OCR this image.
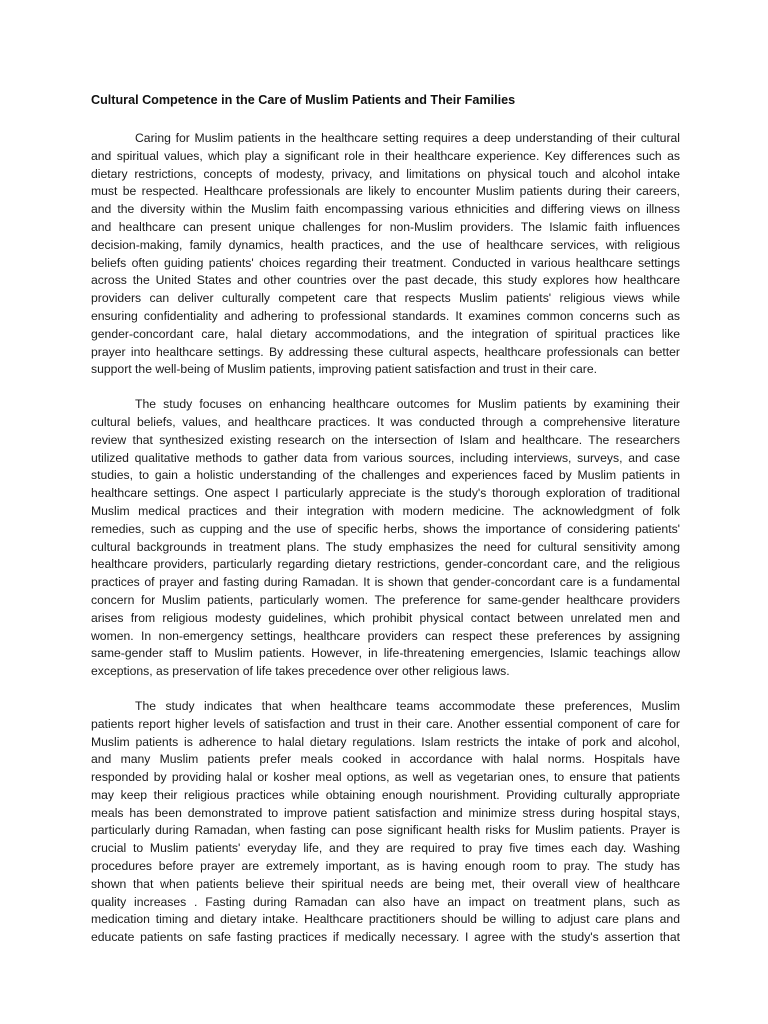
Cultural Competence in the Care of Muslim Patients and Their Families
Caring for Muslim patients in the healthcare setting requires a deep understanding of their cultural
and spiritual values, which play a significant role in their healthcare experience. Key differences such as
dietary restrictions, concepts of modesty, privacy, and limitations on physical touch and alcohol intake
must be respected. Healthcare professionals are likely to encounter Muslim patients during their careers,
and the diversity within the Muslim faith encompassing various ethnicities and differing views on illness
and healthcare can present unique challenges for non-Muslim providers. The Islamic faith influences
decision-making, family dynamics, health practices, and the use of healthcare services, with religious
beliefs often guiding patients' choices regarding their treatment. Conducted in various healthcare settings
across the United States and other countries over the past decade, this study explores how healthcare
providers can deliver culturally competent care that respects Muslim patients' religious views while
ensuring confidentiality and adhering to professional standards. It examines common concerns such as
gender-concordant care, halal dietary accommodations, and the integration of spiritual practices like
prayer into healthcare settings. By addressing these cultural aspects, healthcare professionals can better
support the well-being of Muslim patients, improving patient satisfaction and trust in their care.
The study focuses on enhancing healthcare outcomes for Muslim patients by examining their
cultural beliefs, values, and healthcare practices. It was conducted through a comprehensive literature
review that synthesized existing research on the intersection of Islam and healthcare. The researchers
utilized qualitative methods to gather data from various sources, including interviews, surveys, and case
studies, to gain a holistic understanding of the challenges and experiences faced by Muslim patients in
healthcare settings. One aspect I particularly appreciate is the study's thorough exploration of traditional
Muslim medical practices and their integration with modern medicine. The acknowledgment of folk
remedies, such as cupping and the use of specific herbs, shows the importance of considering patients'
cultural backgrounds in treatment plans. The study emphasizes the need for cultural sensitivity among
healthcare providers, particularly regarding dietary restrictions, gender-concordant care, and the religious
practices of prayer and fasting during Ramadan. It is shown that gender-concordant care is a fundamental
concern for Muslim patients, particularly women. The preference for same-gender healthcare providers
arises from religious modesty guidelines, which prohibit physical contact between unrelated men and
women. In non-emergency settings, healthcare providers can respect these preferences by assigning
same-gender staff to Muslim patients. However, in life-threatening emergencies, Islamic teachings allow
exceptions, as preservation of life takes precedence over other religious laws.
The study indicates that when healthcare teams accommodate these preferences, Muslim
patients report higher levels of satisfaction and trust in their care. Another essential component of care for
Muslim patients is adherence to halal dietary regulations. Islam restricts the intake of pork and alcohol,
and many Muslim patients prefer meals cooked in accordance with halal norms. Hospitals have
responded by providing halal or kosher meal options, as well as vegetarian ones, to ensure that patients
may keep their religious practices while obtaining enough nourishment. Providing culturally appropriate
meals has been demonstrated to improve patient satisfaction and minimize stress during hospital stays,
particularly during Ramadan, when fasting can pose significant health risks for Muslim patients. Prayer is
crucial to Muslim patients' everyday life, and they are required to pray five times each day. Washing
procedures before prayer are extremely important, as is having enough room to pray. The study has
shown that when patients believe their spiritual needs are being met, their overall view of healthcare
quality increases . Fasting during Ramadan can also have an impact on treatment plans, such as
medication timing and dietary intake. Healthcare practitioners should be willing to adjust care plans and
educate patients on safe fasting practices if medically necessary. I agree with the study's assertion that
